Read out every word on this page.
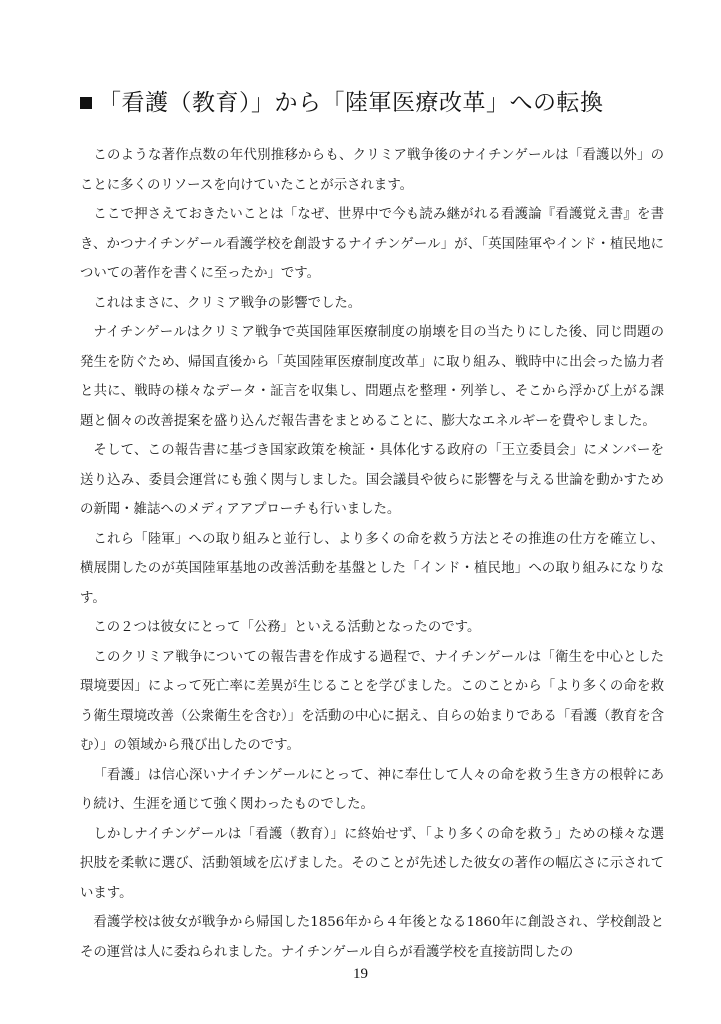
「看護（教育）」から「陸軍医療改革」への転換

このような著作点数の年代別推移からも、クリミア戦争後のナイチンゲールは「看護以外」のことに多くのリソースを向けていたことが示されます。

ここで押さえておきたいことは「なぜ、世界中で今も読み継がれる看護論『看護覚え書』を書き、かつナイチンゲール看護学校を創設するナイチンゲール」が、「英国陸軍やインド・植民地についての著作を書くに至ったか」です。

これはまさに、クリミア戦争の影響でした。

ナイチンゲールはクリミア戦争で英国陸軍医療制度の崩壊を目の当たりにした後、同じ問題の発生を防ぐため、帰国直後から「英国陸軍医療制度改革」に取り組み、戦時中に出会った協力者と共に、戦時の様々なデータ・証言を収集し、問題点を整理・列挙し、そこから浮かび上がる課題と個々の改善提案を盛り込んだ報告書をまとめることに、膨大なエネルギーを費やしました。

そして、この報告書に基づき国家政策を検証・具体化する政府の「王立委員会」にメンバーを送り込み、委員会運営にも強く関与しました。国会議員や彼らに影響を与える世論を動かすための新聞・雑誌へのメディアアプローチも行いました。

これら「陸軍」への取り組みと並行し、より多くの命を救う方法とその推進の仕方を確立し、横展開したのが英国陸軍基地の改善活動を基盤とした「インド・植民地」への取り組みになりなす。

この２つは彼女にとって「公務」といえる活動となったのです。

このクリミア戦争についての報告書を作成する過程で、ナイチンゲールは「衛生を中心とした環境要因」によって死亡率に差異が生じることを学びました。このことから「より多くの命を救う衛生環境改善（公衆衛生を含む）」を活動の中心に据え、自らの始まりである「看護（教育を含む）」の領域から飛び出したのです。

「看護」は信心深いナイチンゲールにとって、神に奉仕して人々の命を救う生き方の根幹にあり続け、生涯を通じて強く関わったものでした。

しかしナイチンゲールは「看護（教育）」に終始せず、「より多くの命を救う」ための様々な選択肢を柔軟に選び、活動領域を広げました。そのことが先述した彼女の著作の幅広さに示されています。

看護学校は彼女が戦争から帰国した1856年から４年後となる1860年に創設され、学校創設とその運営は人に委ねられました。ナイチンゲール自らが看護学校を直接訪問したの

19
